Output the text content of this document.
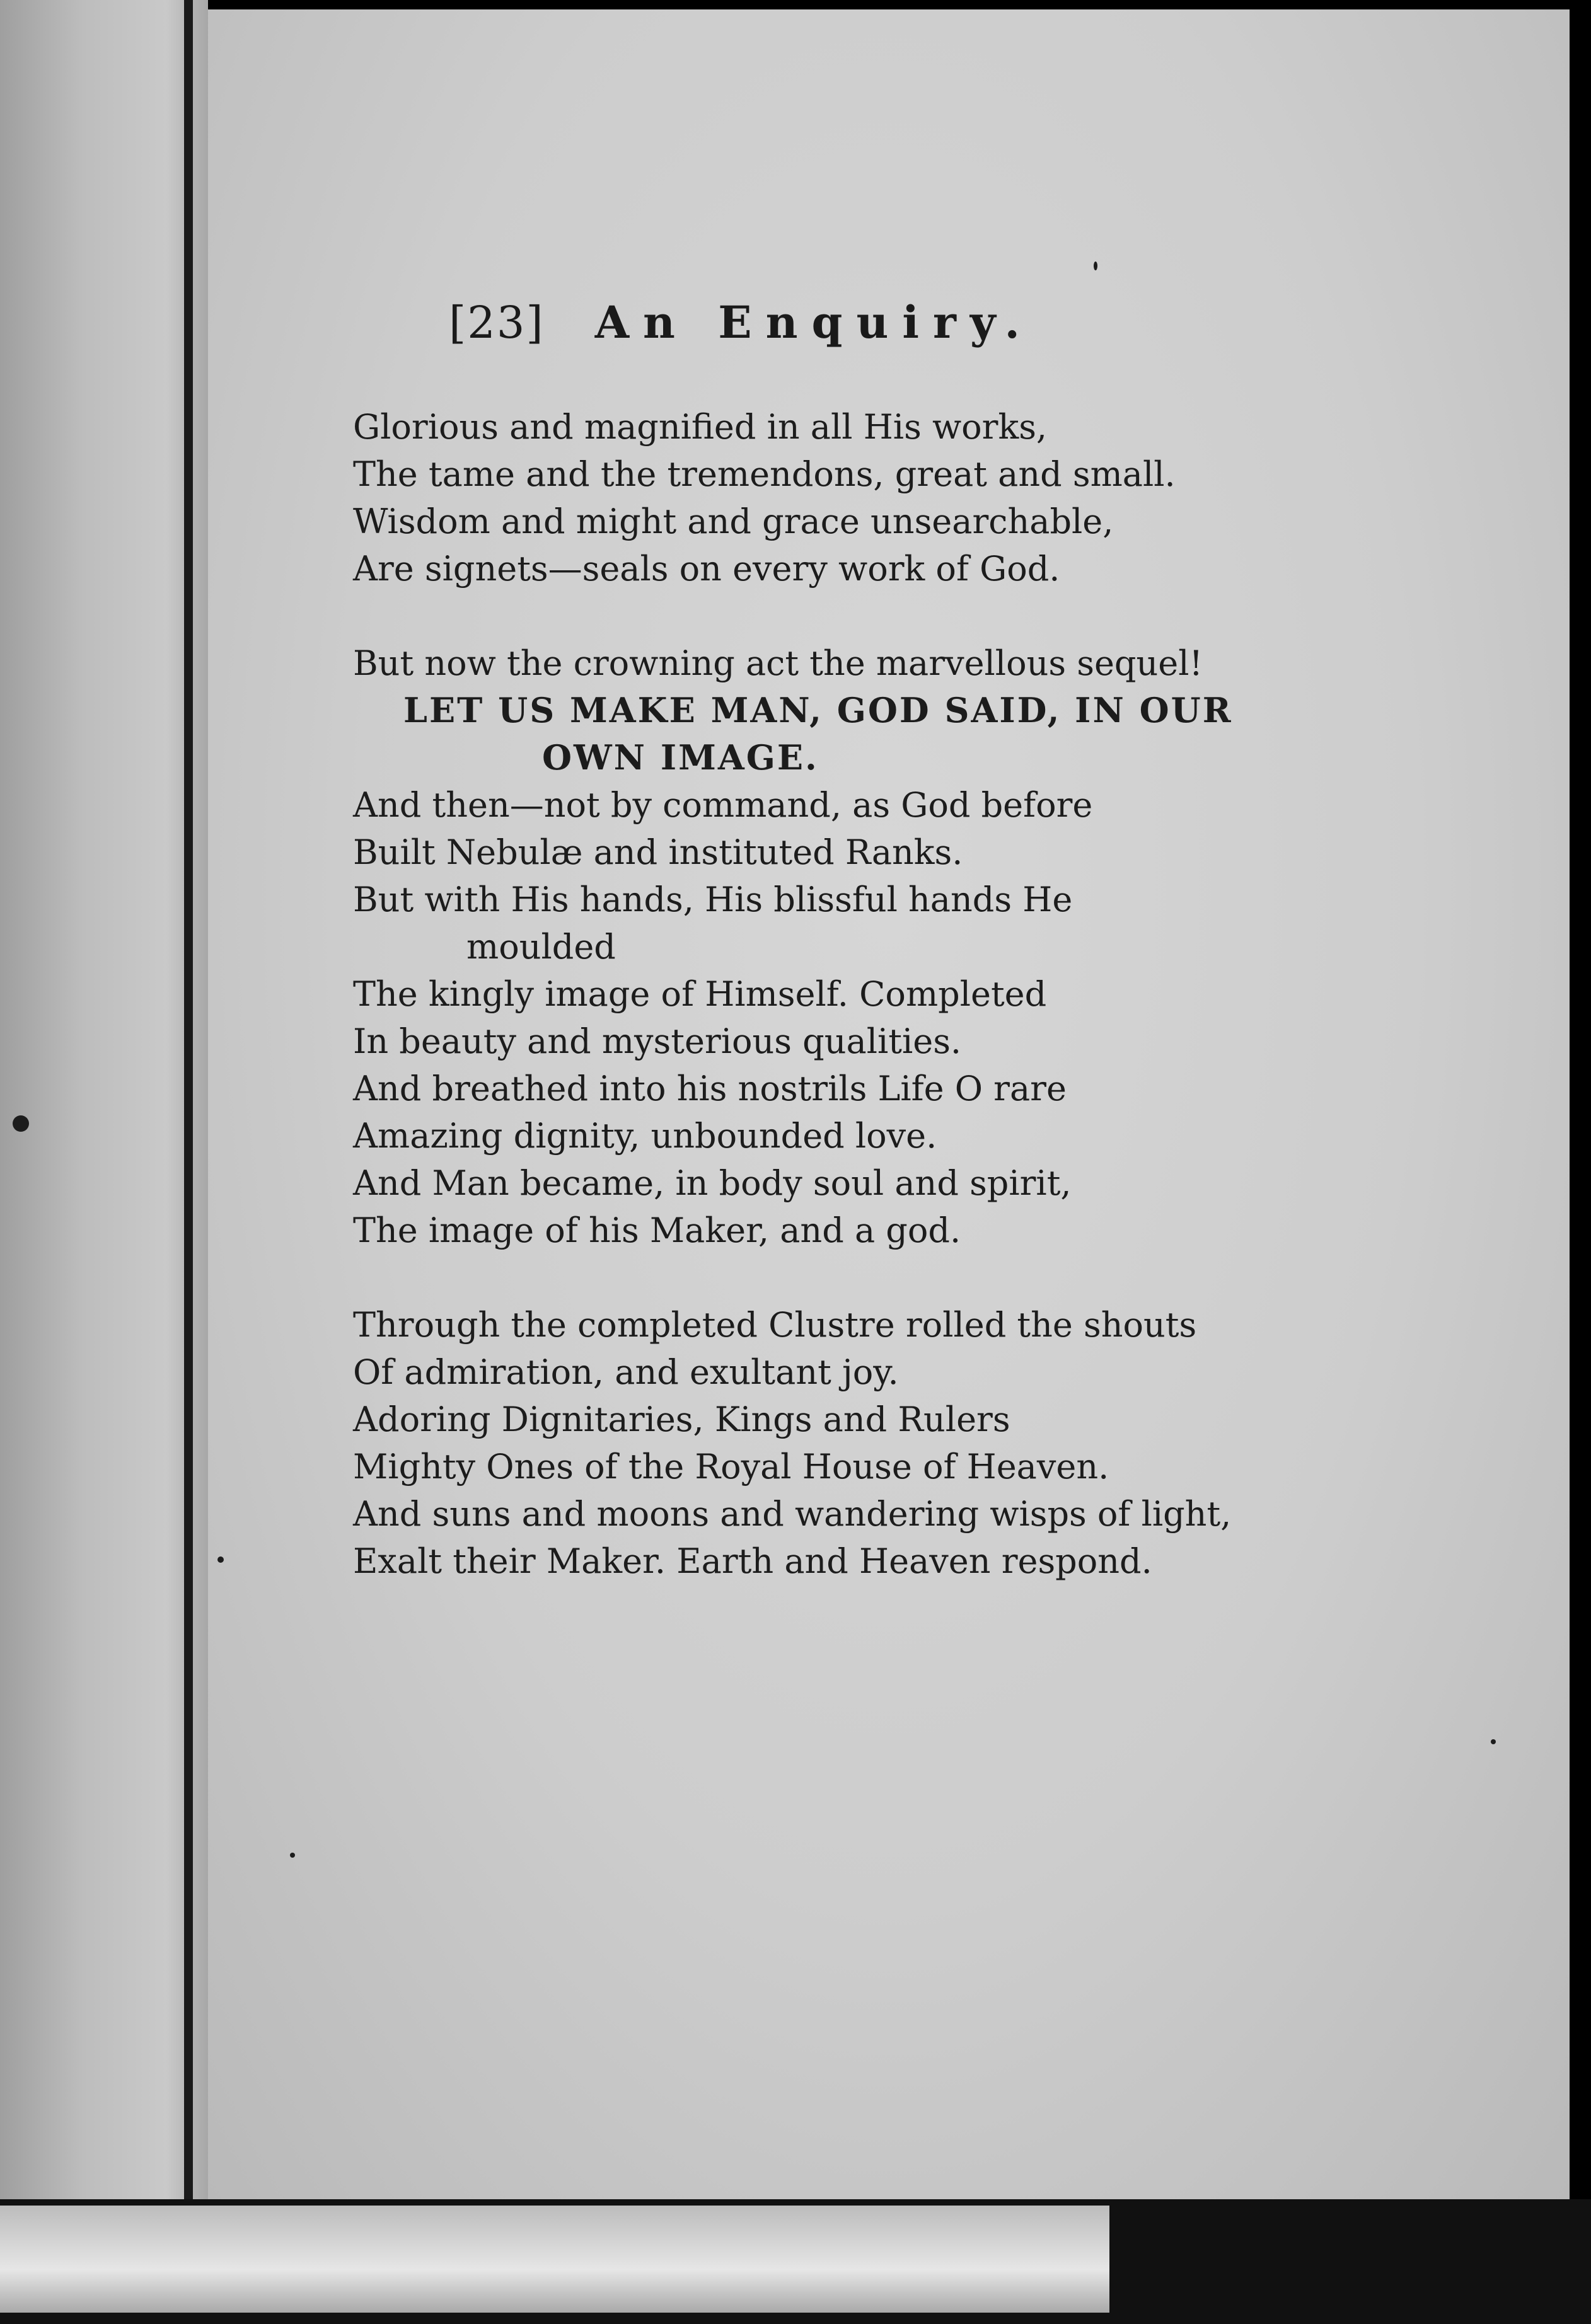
[23] An Enquiry.
Glorious and magnified in all His works,
The tame and the tremendons, great and small.
Wisdom and might and grace unsearchable,
Are signets—seals on every work of God.
But now the crowning act the marvellous sequel!
LET US MAKE MAN, GOD SAID, IN OUR
OWN IMAGE.
And then—not by command, as God before
Built Nebulæ and instituted Ranks.
But with His hands, His blissful hands He
moulded
The kingly image of Himself. Completed
In beauty and mysterious qualities.
And breathed into his nostrils Life O rare
Amazing dignity, unbounded love.
And Man became, in body soul and spirit,
The image of his Maker, and a god.
Through the completed Clustre rolled the shouts
Of admiration, and exultant joy.
Adoring Dignitaries, Kings and Rulers
Mighty Ones of the Royal House of Heaven.
And suns and moons and wandering wisps of light,
Exalt their Maker. Earth and Heaven respond.
